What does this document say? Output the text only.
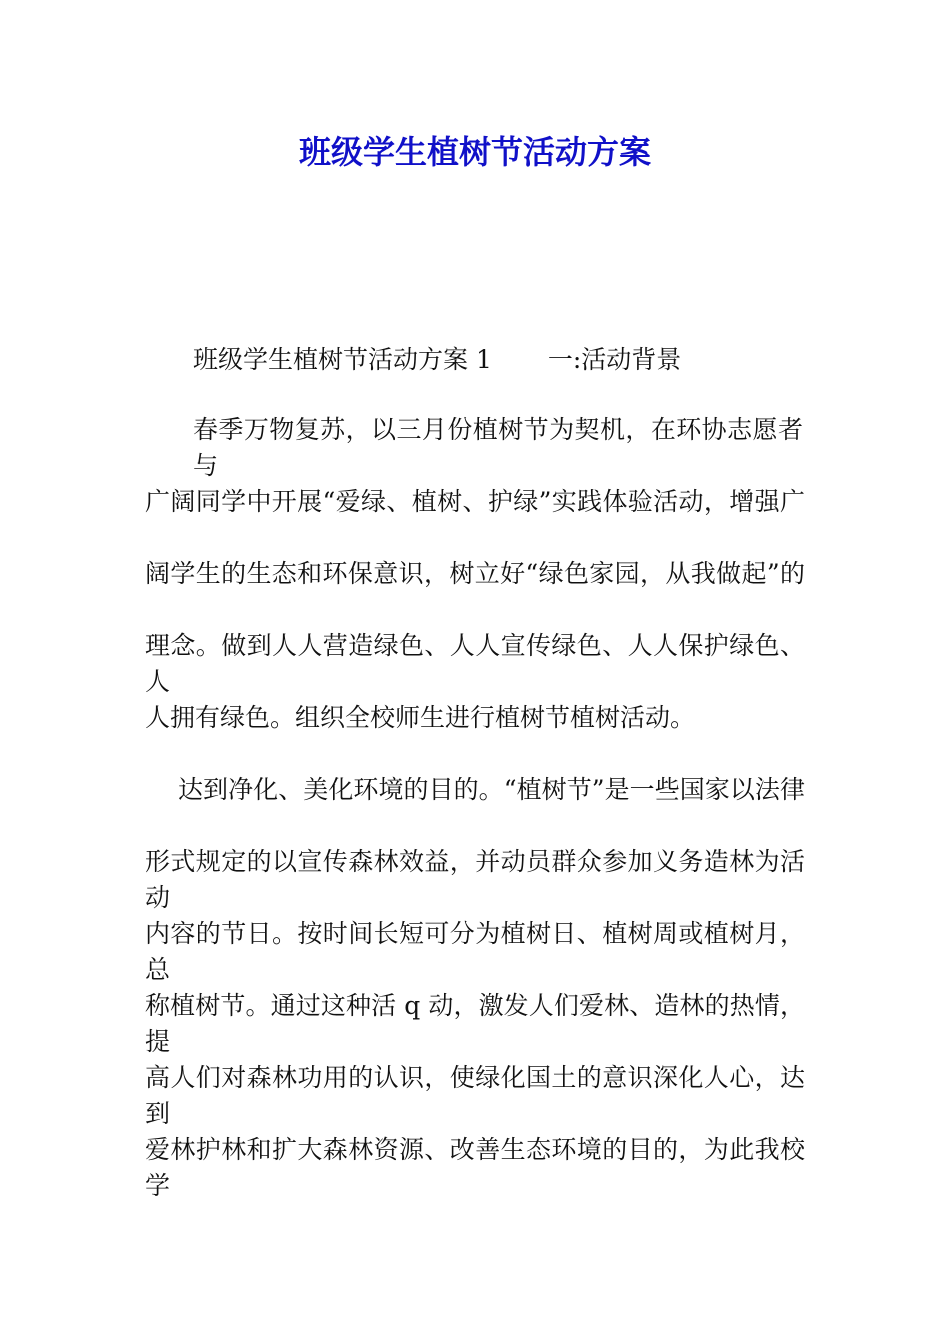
班级学生植树节活动方案

班级学生植树节活动方案 1 一:活动背景

春季万物复苏，以三月份植树节为契机，在环协志愿者与

广阔同学中开展“爱绿、植树、护绿”实践体验活动，增强广

阔学生的生态和环保意识，树立好“绿色家园，从我做起”的

理念。做到人人营造绿色、人人宣传绿色、人人保护绿色、人

人拥有绿色。组织全校师生进行植树节植树活动。

达到净化、美化环境的目的。“植树节”是一些国家以法律

形式规定的以宣传森林效益，并动员群众参加义务造林为活动

内容的节日。按时间长短可分为植树日、植树周或植树月，总

称植树节。通过这种活 q 动，激发人们爱林、造林的热情，提

高人们对森林功用的认识，使绿化国土的意识深化人心，达到

爱林护林和扩大森林资源、改善生态环境的目的，为此我校学
